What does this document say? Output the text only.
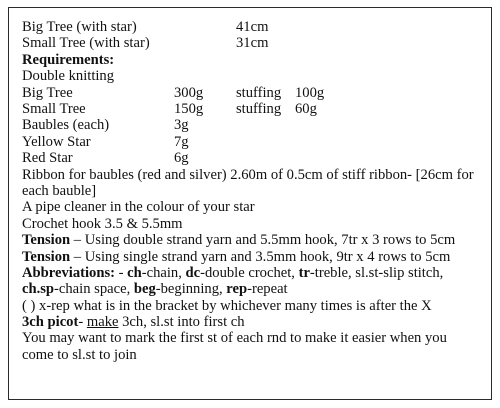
Big Tree (with star)	41cm
Small Tree (with star)	31cm
Requirements:
Double knitting
Big Tree	300g stuffing 100g
Small Tree	150g stuffing 60g
Baubles (each)	3g
Yellow Star	7g
Red Star	6g
Ribbon for baubles (red and silver) 2.60m of 0.5cm of stiff ribbon- [26cm for each bauble]
A pipe cleaner in the colour of your star
Crochet hook 3.5 & 5.5mm
Tension – Using double strand yarn and 5.5mm hook, 7tr x 3 rows to 5cm
Tension – Using single strand yarn and 3.5mm hook, 9tr x 4 rows to 5cm
Abbreviations: - ch-chain, dc-double crochet, tr-treble, sl.st-slip stitch,
ch.sp-chain space, beg-beginning, rep-repeat
( ) x-rep what is in the bracket by whichever many times is after the X
3ch picot- make 3ch, sl.st into first ch
You may want to mark the first st of each rnd to make it easier when you
come to sl.st to join
